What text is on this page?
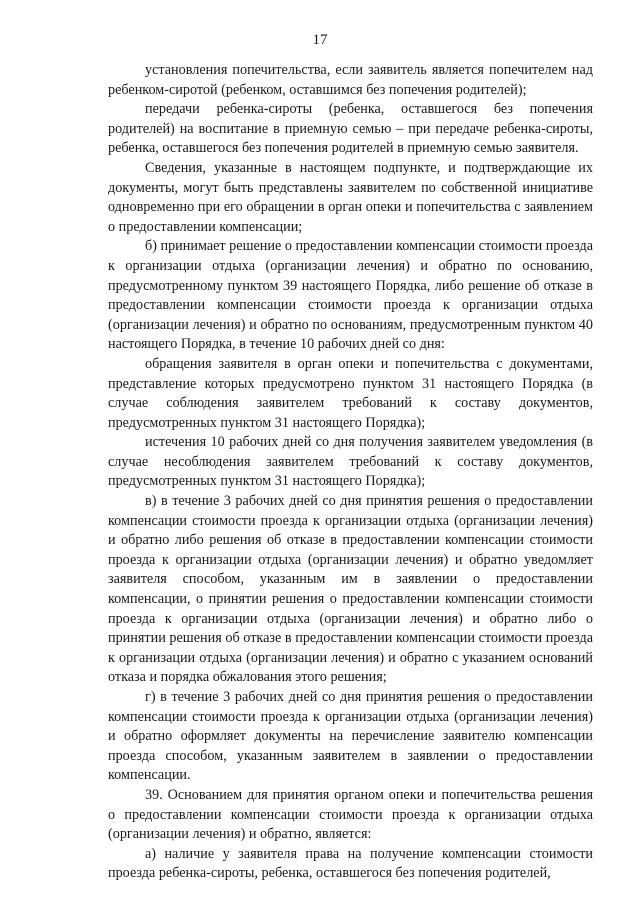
17

установления попечительства, если заявитель является попечителем над ребенком-сиротой (ребенком, оставшимся без попечения родителей);

передачи ребенка-сироты (ребенка, оставшегося без попечения родителей) на воспитание в приемную семью – при передаче ребенка-сироты, ребенка, оставшегося без попечения родителей в приемную семью заявителя.

Сведения, указанные в настоящем подпункте, и подтверждающие их документы, могут быть представлены заявителем по собственной инициативе одновременно при его обращении в орган опеки и попечительства с заявлением о предоставлении компенсации;

б) принимает решение о предоставлении компенсации стоимости проезда к организации отдыха (организации лечения) и обратно по основанию, предусмотренному пунктом 39 настоящего Порядка, либо решение об отказе в предоставлении компенсации стоимости проезда к организации отдыха (организации лечения) и обратно по основаниям, предусмотренным пунктом 40 настоящего Порядка, в течение 10 рабочих дней со дня:

обращения заявителя в орган опеки и попечительства с документами, представление которых предусмотрено пунктом 31 настоящего Порядка (в случае соблюдения заявителем требований к составу документов, предусмотренных пунктом 31 настоящего Порядка);

истечения 10 рабочих дней со дня получения заявителем уведомления (в случае несоблюдения заявителем требований к составу документов, предусмотренных пунктом 31 настоящего Порядка);

в) в течение 3 рабочих дней со дня принятия решения о предоставлении компенсации стоимости проезда к организации отдыха (организации лечения) и обратно либо решения об отказе в предоставлении компенсации стоимости проезда к организации отдыха (организации лечения) и обратно уведомляет заявителя способом, указанным им в заявлении о предоставлении компенсации, о принятии решения о предоставлении компенсации стоимости проезда к организации отдыха (организации лечения) и обратно либо о принятии решения об отказе в предоставлении компенсации стоимости проезда к организации отдыха (организации лечения) и обратно с указанием оснований отказа и порядка обжалования этого решения;

г) в течение 3 рабочих дней со дня принятия решения о предоставлении компенсации стоимости проезда к организации отдыха (организации лечения) и обратно оформляет документы на перечисление заявителю компенсации проезда способом, указанным заявителем в заявлении о предоставлении компенсации.

39. Основанием для принятия органом опеки и попечительства решения о предоставлении компенсации стоимости проезда к организации отдыха (организации лечения) и обратно, является:

а) наличие у заявителя права на получение компенсации стоимости проезда ребенка-сироты, ребенка, оставшегося без попечения родителей,
